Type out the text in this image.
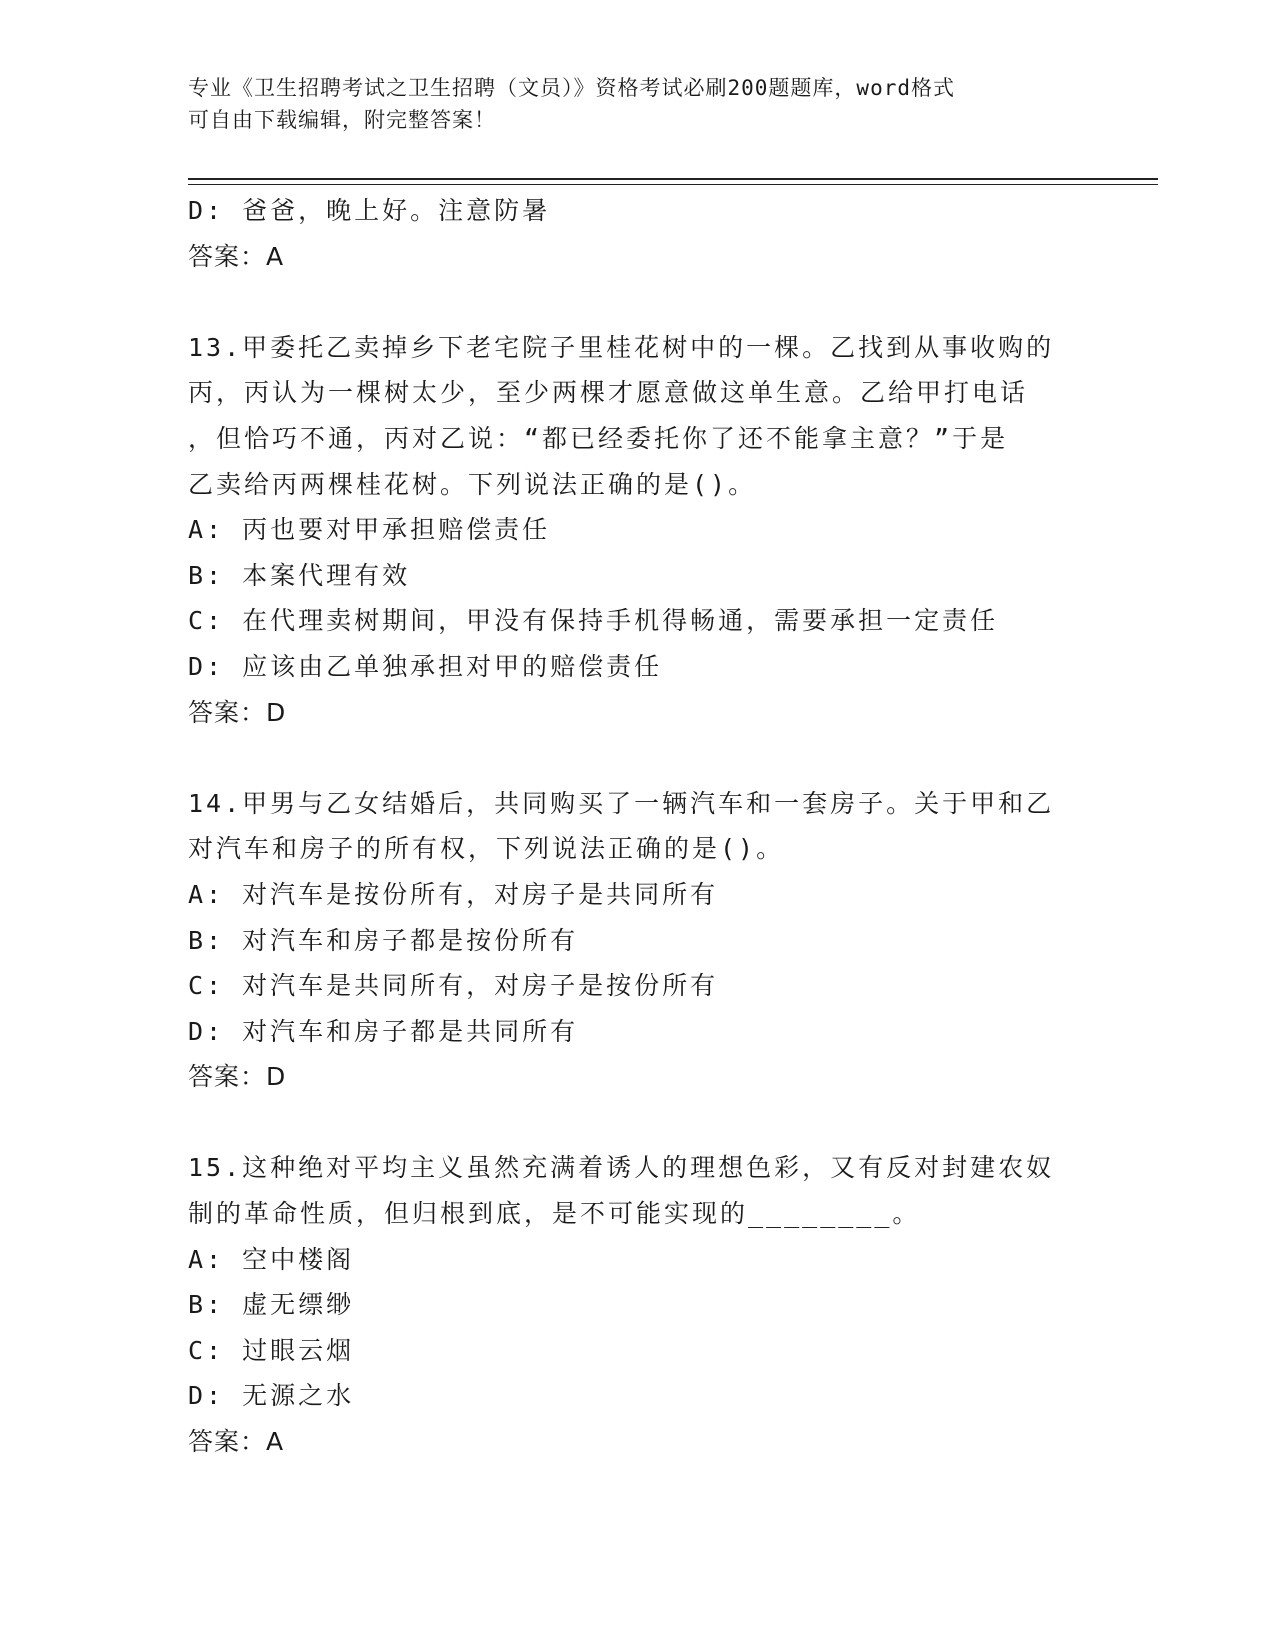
专业《卫生招聘考试之卫生招聘（文员）》资格考试必刷200题题库，word格式
可自由下载编辑，附完整答案！
D: 爸爸，晚上好。注意防暑
答案：A
13.甲委托乙卖掉乡下老宅院子里桂花树中的一棵。乙找到从事收购的
丙，丙认为一棵树太少，至少两棵才愿意做这单生意。乙给甲打电话
，但恰巧不通，丙对乙说：“都已经委托你了还不能拿主意？”于是
乙卖给丙两棵桂花树。下列说法正确的是()。
A: 丙也要对甲承担赔偿责任
B: 本案代理有效
C: 在代理卖树期间，甲没有保持手机得畅通，需要承担一定责任
D: 应该由乙单独承担对甲的赔偿责任
答案：D
14.甲男与乙女结婚后，共同购买了一辆汽车和一套房子。关于甲和乙
对汽车和房子的所有权，下列说法正确的是()。
A: 对汽车是按份所有，对房子是共同所有
B: 对汽车和房子都是按份所有
C: 对汽车是共同所有，对房子是按份所有
D: 对汽车和房子都是共同所有
答案：D
15.这种绝对平均主义虽然充满着诱人的理想色彩，又有反对封建农奴
制的革命性质，但归根到底，是不可能实现的________。
A: 空中楼阁
B: 虚无缥缈
C: 过眼云烟
D: 无源之水
答案：A
